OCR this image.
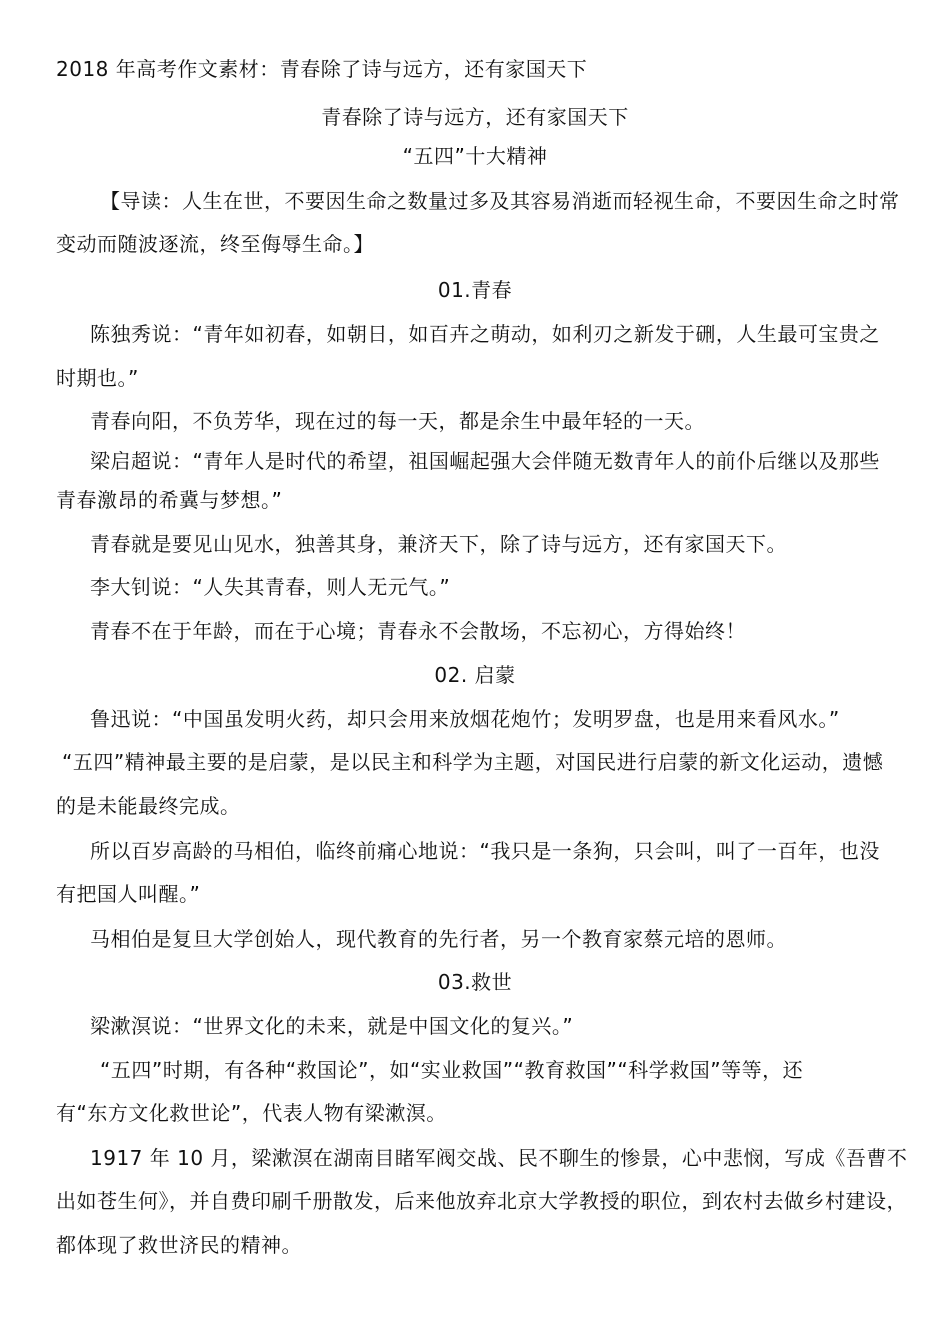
2018 年高考作文素材：青春除了诗与远方，还有家国天下
青春除了诗与远方，还有家国天下
“五四”十大精神
【导读：人生在世，不要因生命之数量过多及其容易消逝而轻视生命，不要因生命之时常
变动而随波逐流，终至侮辱生命。】
01.青春
陈独秀说：“青年如初春，如朝日，如百卉之萌动，如利刃之新发于硎，人生最可宝贵之
时期也。”
青春向阳，不负芳华，现在过的每一天，都是余生中最年轻的一天。
梁启超说：“青年人是时代的希望，祖国崛起强大会伴随无数青年人的前仆后继以及那些
青春激昂的希冀与梦想。”
青春就是要见山见水，独善其身，兼济天下，除了诗与远方，还有家国天下。
李大钊说：“人失其青春，则人无元气。”
青春不在于年龄，而在于心境；青春永不会散场，不忘初心，方得始终！
02. 启蒙
鲁迅说：“中国虽发明火药，却只会用来放烟花炮竹；发明罗盘，也是用来看风水。”
“五四”精神最主要的是启蒙，是以民主和科学为主题，对国民进行启蒙的新文化运动，遗憾
的是未能最终完成。
所以百岁高龄的马相伯，临终前痛心地说：“我只是一条狗，只会叫，叫了一百年，也没
有把国人叫醒。”
马相伯是复旦大学创始人，现代教育的先行者，另一个教育家蔡元培的恩师。
03.救世
梁漱溟说：“世界文化的未来，就是中国文化的复兴。”
“五四”时期，有各种“救国论”，如“实业救国”“教育救国”“科学救国”等等，还
有“东方文化救世论”，代表人物有梁漱溟。
1917 年 10 月，梁漱溟在湖南目睹军阀交战、民不聊生的惨景，心中悲悯，写成《吾曹不
出如苍生何》，并自费印刷千册散发，后来他放弃北京大学教授的职位，到农村去做乡村建设，
都体现了救世济民的精神。
